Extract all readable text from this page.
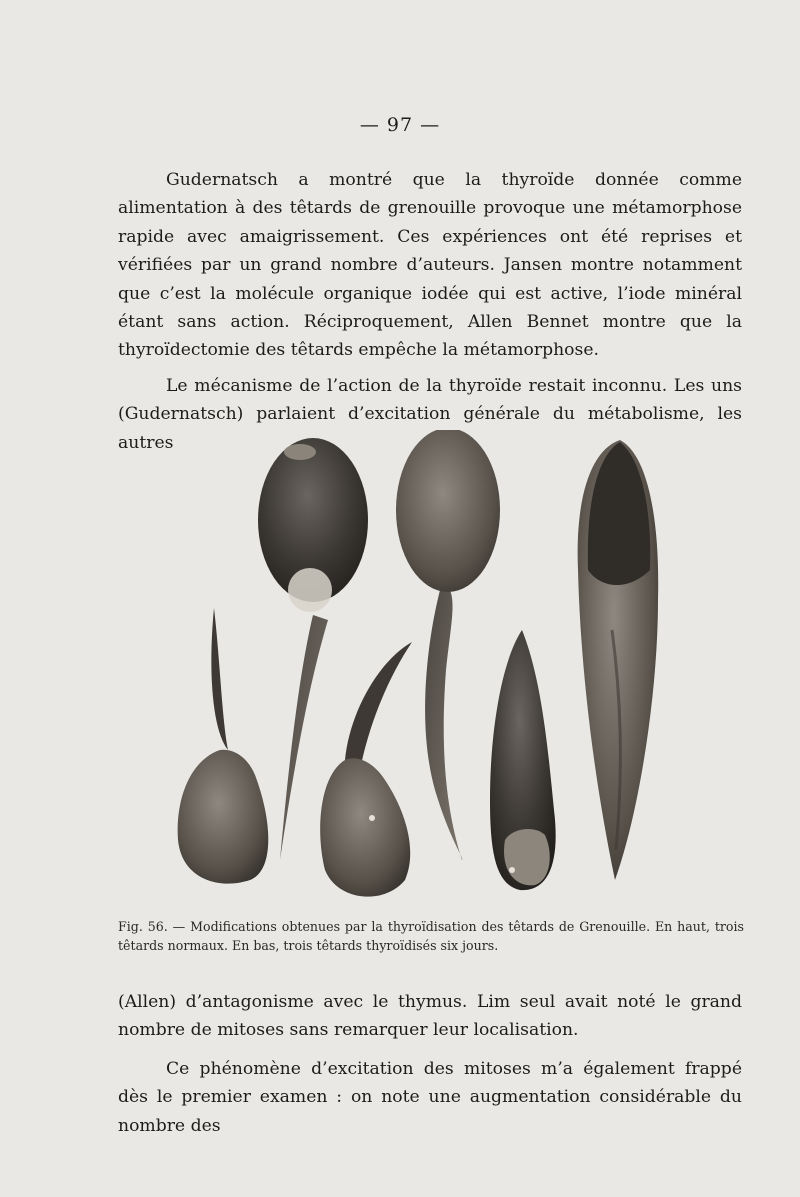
— 97 —

Gudernatsch a montré que la thyroïde donnée comme alimentation à des têtards de grenouille provoque une métamorphose rapide avec amaigrissement. Ces expériences ont été reprises et vérifiées par un grand nombre d’auteurs. Jansen montre notamment que c’est la molécule organique iodée qui est active, l’iode minéral étant sans action. Réciproquement, Allen Bennet montre que la thyroïdectomie des têtards empêche la métamorphose.

Le mécanisme de l’action de la thyroïde restait inconnu. Les uns (Gudernatsch) parlaient d’excitation générale du métabolisme, les autres

Fig. 56. — Modifications obtenues par la thyroïdisation des têtards de Grenouille. En haut, trois têtards normaux. En bas, trois têtards thyroïdisés six jours.

(Allen) d’antagonisme avec le thymus. Lim seul avait noté le grand nombre de mitoses sans remarquer leur localisation.

Ce phénomène d’excitation des mitoses m’a également frappé dès le premier examen : on note une augmentation considérable du nombre des
